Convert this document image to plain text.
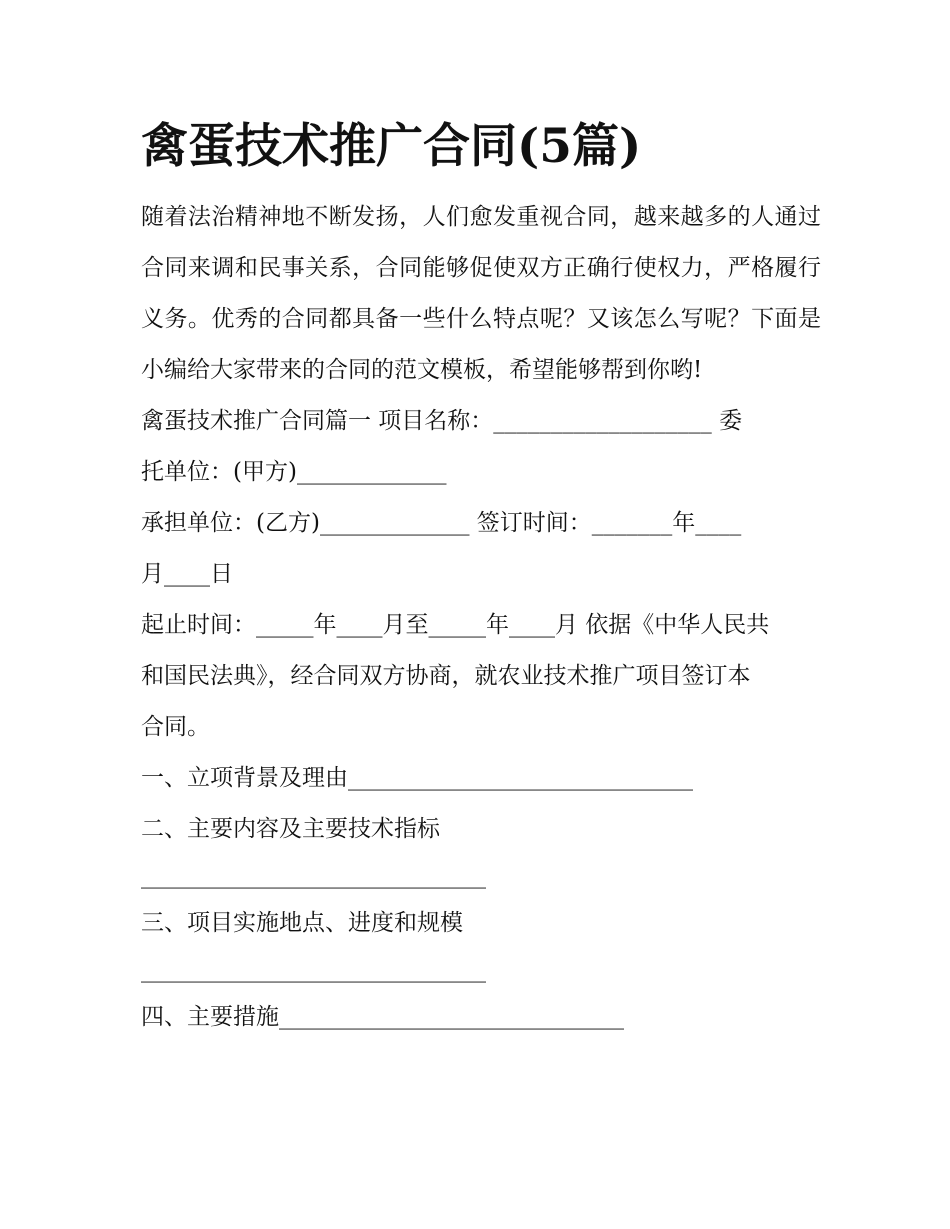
禽蛋技术推广合同(5篇)

随着法治精神地不断发扬，人们愈发重视合同，越来越多的人通过合同来调和民事关系，合同能够促使双方正确行使权力，严格履行义务。优秀的合同都具备一些什么特点呢？又该怎么写呢？下面是小编给大家带来的合同的范文模板，希望能够帮到你哟!

禽蛋技术推广合同篇一 项目名称：___________________ 委

托单位：(甲方)_____________

承担单位：(乙方)_____________ 签订时间：_______年____

月____日

起止时间：_____年____月至_____年____月 依据《中华人民共

和国民法典》，经合同双方协商，就农业技术推广项目签订本

合同。

一、立项背景及理由______________________________

二、主要内容及主要技术指标

______________________________

三、项目实施地点、进度和规模

______________________________

四、主要措施______________________________
